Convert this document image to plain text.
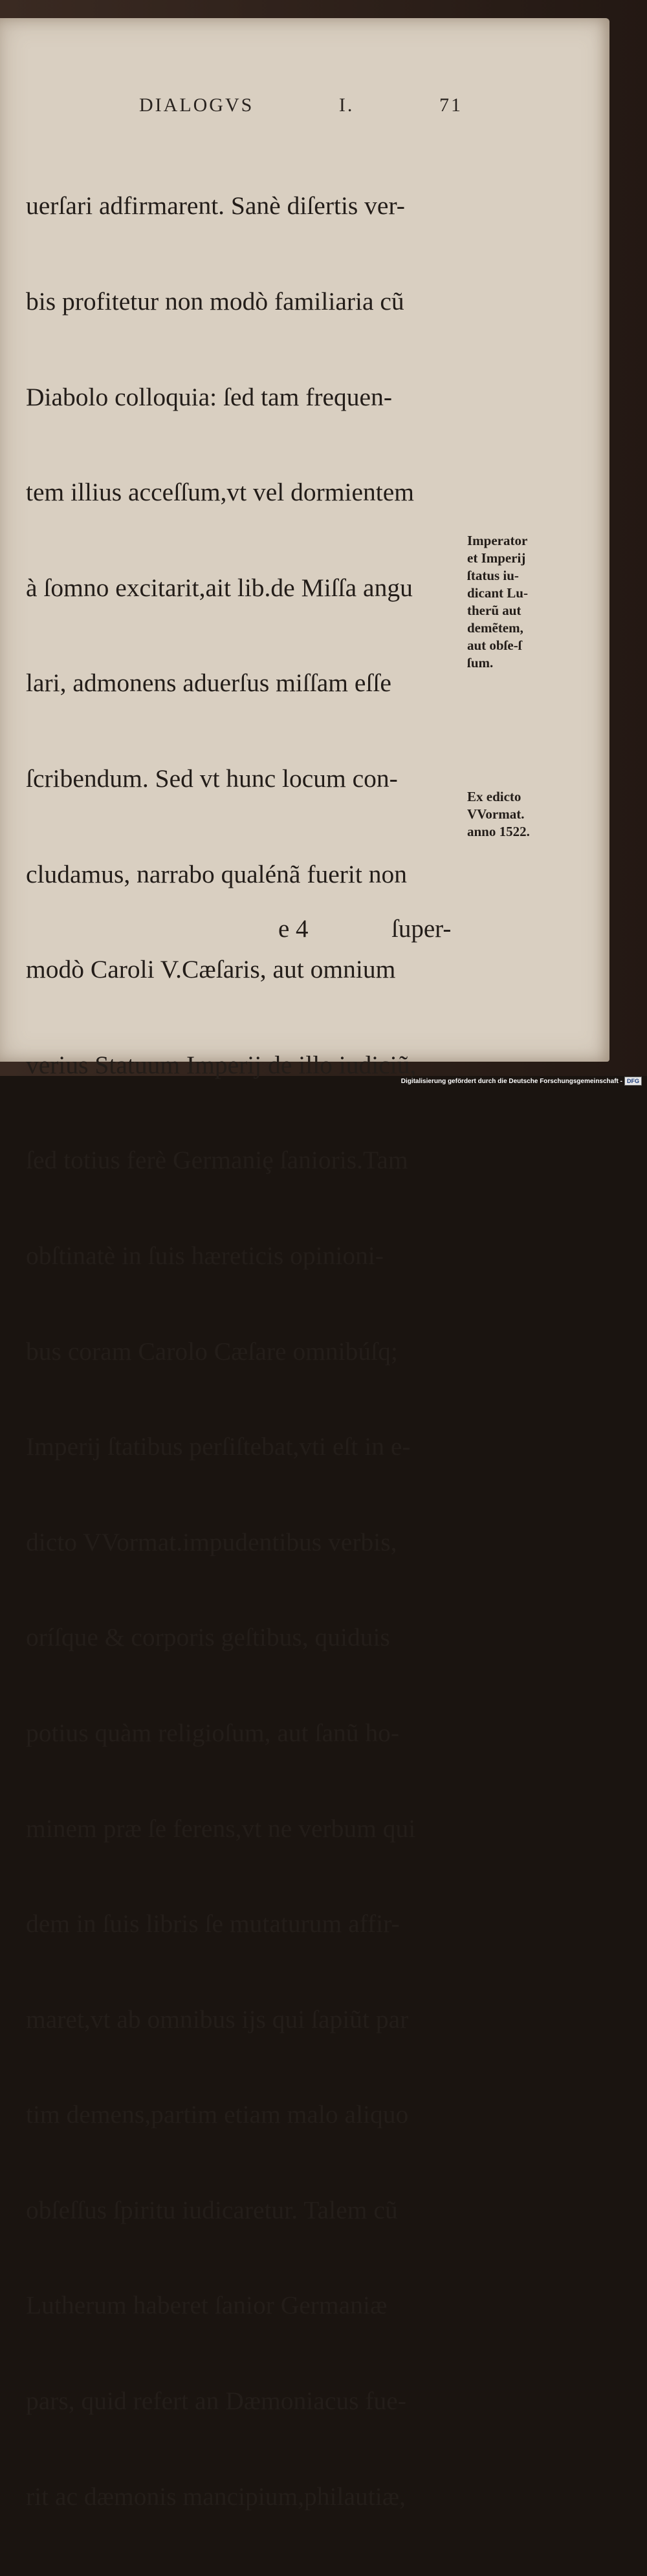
DIALOGVS	I.	71

uerſari adfirmarent. Sanè diſertis ver-

bis profitetur non modò familiaria cũ

Diabolo colloquia: ſed tam frequen-

tem illius acceſſum,vt vel dormientem

à ſomno excitarit,ait lib.de Miſſa angu

lari, admonens aduerſus miſſam eſſe

ſcribendum. Sed vt hunc locum con-

cludamus, narrabo qualénã fuerit non

modò Caroli V.Cæſaris, aut omnium

verius Statuum Imperij de illo iudiciũ,

ſed totius ferè Germaniȩ ſanioris.Tam

obſtinatè in ſuis hæreticis opinioni-

bus coram Carolo Cæſare omnibúſq;

Imperij ſtatibus perſiſtebat,vti eſt in e-

dicto VVormat.impudentibus verbis,

oríſque & corporis geſtibus, quiduis

potius quàm religioſum, aut ſanũ ho-

minem præ ſe ferens,vt ne verbum qui

dem in ſuis libris ſe mutaturum affir-

maret,vt ab omnibus ijs qui ſapiũt par

tim demens,partim etiam malo aliquo

obſeſſus ſpiritu iudicaretur. Talem cũ

Lutherum haberet ſanior Germaniæ

pars, quid refert an Dæmoniacus fue-

rit ac dæmonis mancipium,philautiæ,

Imperator
et Imperij
ſtatus iu-
dicant Lu-
therũ aut
demẽtem,
aut obſe-ſ
ſum.
Ex edicto
VVormat.
anno 1522.
e 4	ſuper-
Digitalisierung gefördert durch die Deutsche Forschungsgemeinschaft - DFG
